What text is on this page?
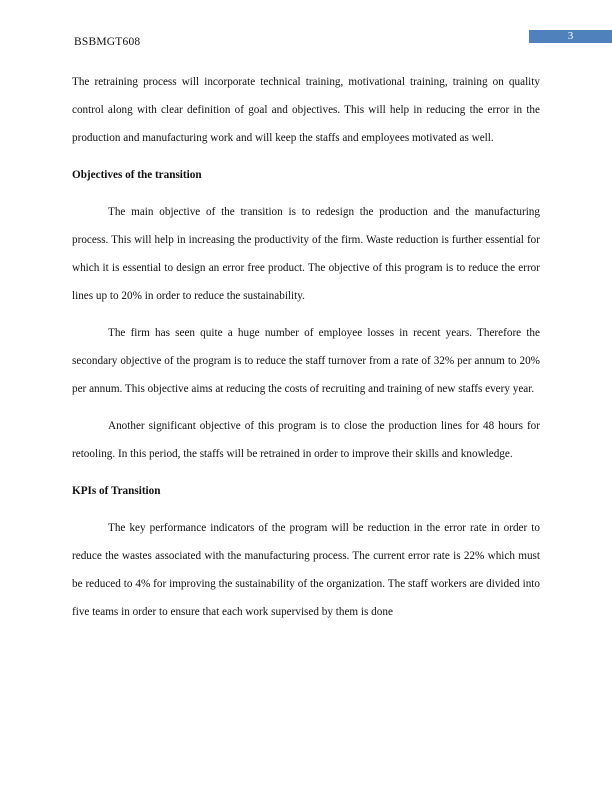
3
BSBMGT608

The retraining process will incorporate technical training, motivational training, training on quality control along with clear definition of goal and objectives. This will help in reducing the error in the production and manufacturing work and will keep the staffs and employees motivated as well.

Objectives of the transition

The main objective of the transition is to redesign the production and the manufacturing process. This will help in increasing the productivity of the firm. Waste reduction is further essential for which it is essential to design an error free product. The objective of this program is to reduce the error lines up to 20% in order to reduce the sustainability.

The firm has seen quite a huge number of employee losses in recent years. Therefore the secondary objective of the program is to reduce the staff turnover from a rate of 32% per annum to 20% per annum. This objective aims at reducing the costs of recruiting and training of new staffs every year.

Another significant objective of this program is to close the production lines for 48 hours for retooling. In this period, the staffs will be retrained in order to improve their skills and knowledge.

KPIs of Transition

The key performance indicators of the program will be reduction in the error rate in order to reduce the wastes associated with the manufacturing process. The current error rate is 22% which must be reduced to 4% for improving the sustainability of the organization. The staff workers are divided into five teams in order to ensure that each work supervised by them is done
